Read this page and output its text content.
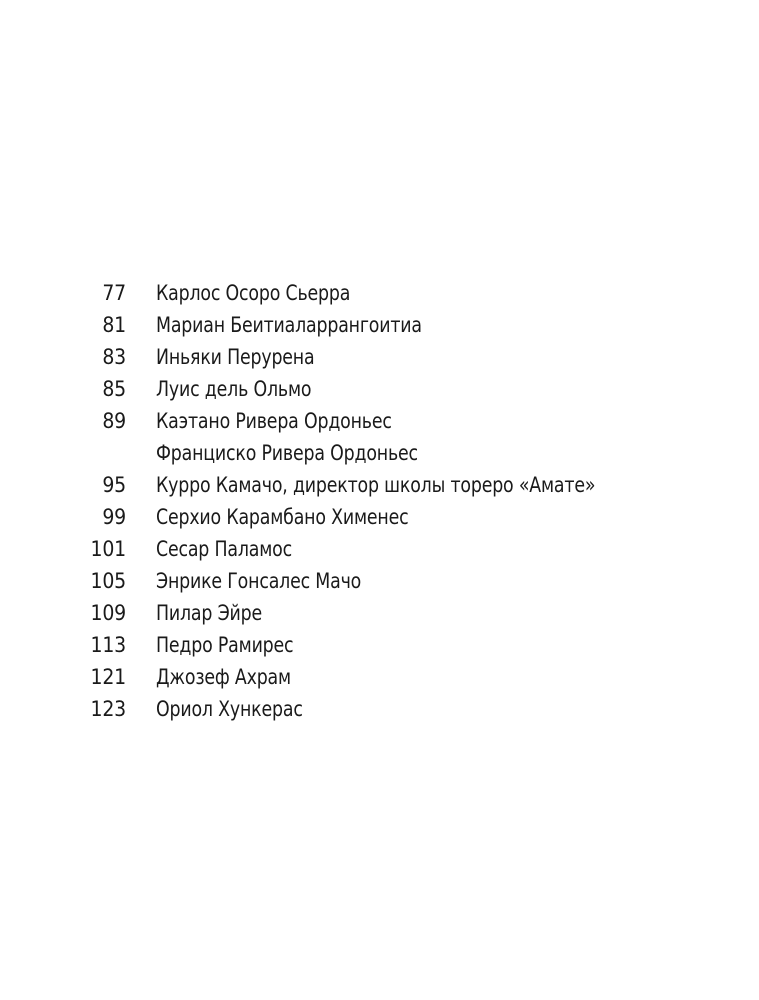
77 Карлос Осоро Сьерра
81 Мариан Беитиаларрангоитиа
83 Иньяки Перурена
85 Луис дель Ольмо
89 Каэтано Ривера Ордоньес
Франциско Ривера Ордоньес
95 Курро Камачо, директор школы тореро «Амате»
99 Серхио Карамбано Хименес
101 Сесар Паламос
105 Энрике Гонсалес Мачо
109 Пилар Эйре
113 Педро Рамирес
121 Джозеф Ахрам
123 Ориол Хункерас
